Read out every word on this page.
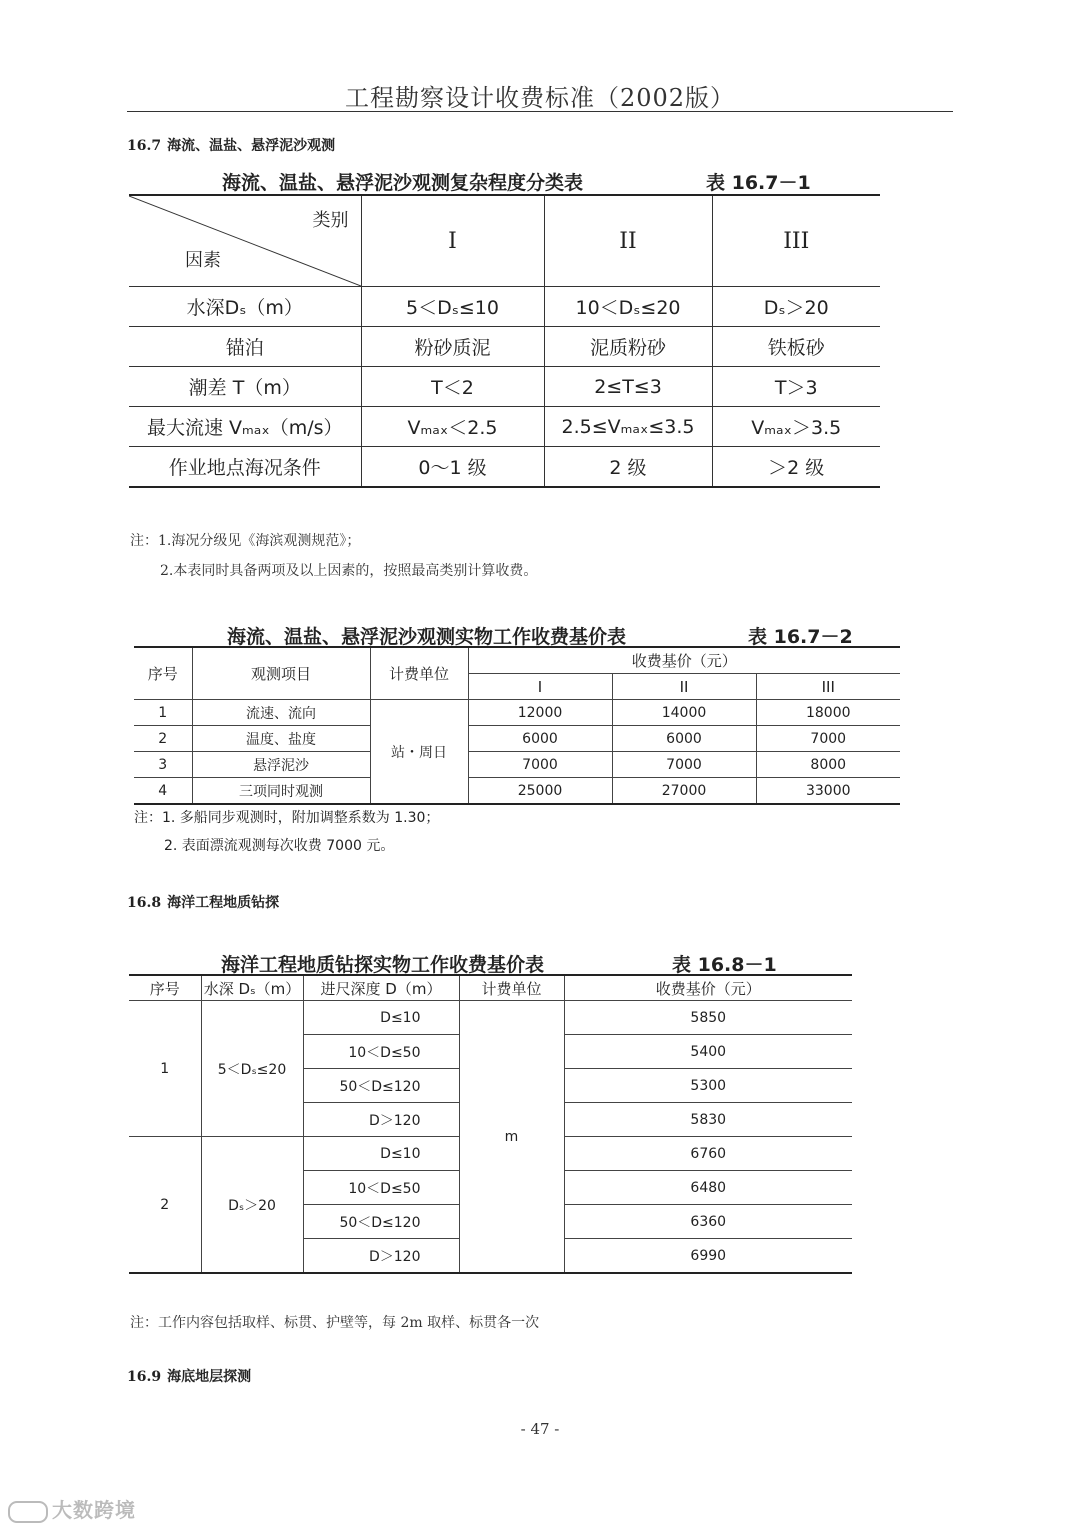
工程勘察设计收费标准（2002版）
16.7 海流、温盐、悬浮泥沙观测
海流、温盐、悬浮泥沙观测复杂程度分类表	表 16.7－1
类别
因素	I	II	III
水深Dₛ（m）	5＜Dₛ≤10	10＜Dₛ≤20	Dₛ＞20
锚泊	粉砂质泥	泥质粉砂	铁板砂
潮差 T（m）	T＜2	2≤T≤3	T＞3
最大流速 Vₘₐₓ（m/s）	Vₘₐₓ＜2.5	2.5≤Vₘₐₓ≤3.5	Vₘₐₓ＞3.5
作业地点海况条件	0～1 级	2 级	＞2 级
注：1.海况分级见《海滨观测规范》；
2.本表同时具备两项及以上因素的，按照最高类别计算收费。
海流、温盐、悬浮泥沙观测实物工作收费基价表	表 16.7－2
序号	观测项目	计费单位	收费基价（元）		
			I	II	III
1	流速、流向	站・周日	12000	14000	18000
2	温度、盐度		6000	6000	7000
3	悬浮泥沙		7000	7000	8000
4	三项同时观测		25000	27000	33000
注：1. 多船同步观测时，附加调整系数为 1.30；
2. 表面漂流观测每次收费 7000 元。
16.8 海洋工程地质钻探
海洋工程地质钻探实物工作收费基价表	表 16.8－1
序号	水深 Dₛ（m）	进尺深度 D（m）	计费单位	收费基价（元）
1	5＜Dₛ≤20	D≤10	m	5850
		10＜D≤50		5400
		50＜D≤120		5300
		D＞120		5830
2	Dₛ＞20	D≤10		6760
		10＜D≤50		6480
		50＜D≤120		6360
		D＞120		6990
注：工作内容包括取样、标贯、护壁等，每 2m 取样、标贯各一次
16.9 海底地层探测
- 47 -
大数跨境
